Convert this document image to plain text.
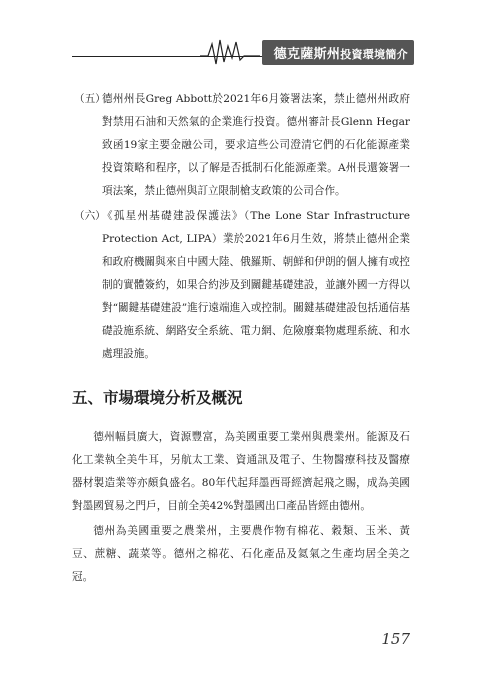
德克薩斯州投資環境簡介
（五）
德州州長Greg Abbott於2021年6月簽署法案，禁止德州州政府對禁用石油和天然氣的企業進行投資。德州審計長Glenn Hegar致函19家主要金融公司，要求這些公司澄清它們的石化能源產業投資策略和程序，以了解是否抵制石化能源產業。A州長還簽署一項法案，禁止德州與訂立限制槍支政策的公司合作。
（六）
《孤星州基礎建設保護法》（The Lone Star Infrastructure Protection Act, LIPA）業於2021年6月生效，將禁止德州企業和政府機關與來自中國大陸、俄羅斯、朝鮮和伊朗的個人擁有或控制的實體簽約，如果合約涉及到關鍵基礎建設，並讓外國一方得以對“關鍵基礎建設”進行遠端進入或控制。關鍵基礎建設包括通信基礎設施系統、網路安全系統、電力網、危險廢棄物處理系統、和水處理設施。
五、市場環境分析及概況
德州幅員廣大，資源豐富，為美國重要工業州與農業州。能源及石化工業執全美牛耳，另航太工業、資通訊及電子、生物醫療科技及醫療器材製造業等亦頗負盛名。80年代起拜墨西哥經濟起飛之賜，成為美國對墨國貿易之門戶，目前全美42%對墨國出口產品皆經由德州。
德州為美國重要之農業州，主要農作物有棉花、穀類、玉米、黃豆、蔗糖、蔬菜等。德州之棉花、石化產品及氦氣之生產均居全美之冠。
157
